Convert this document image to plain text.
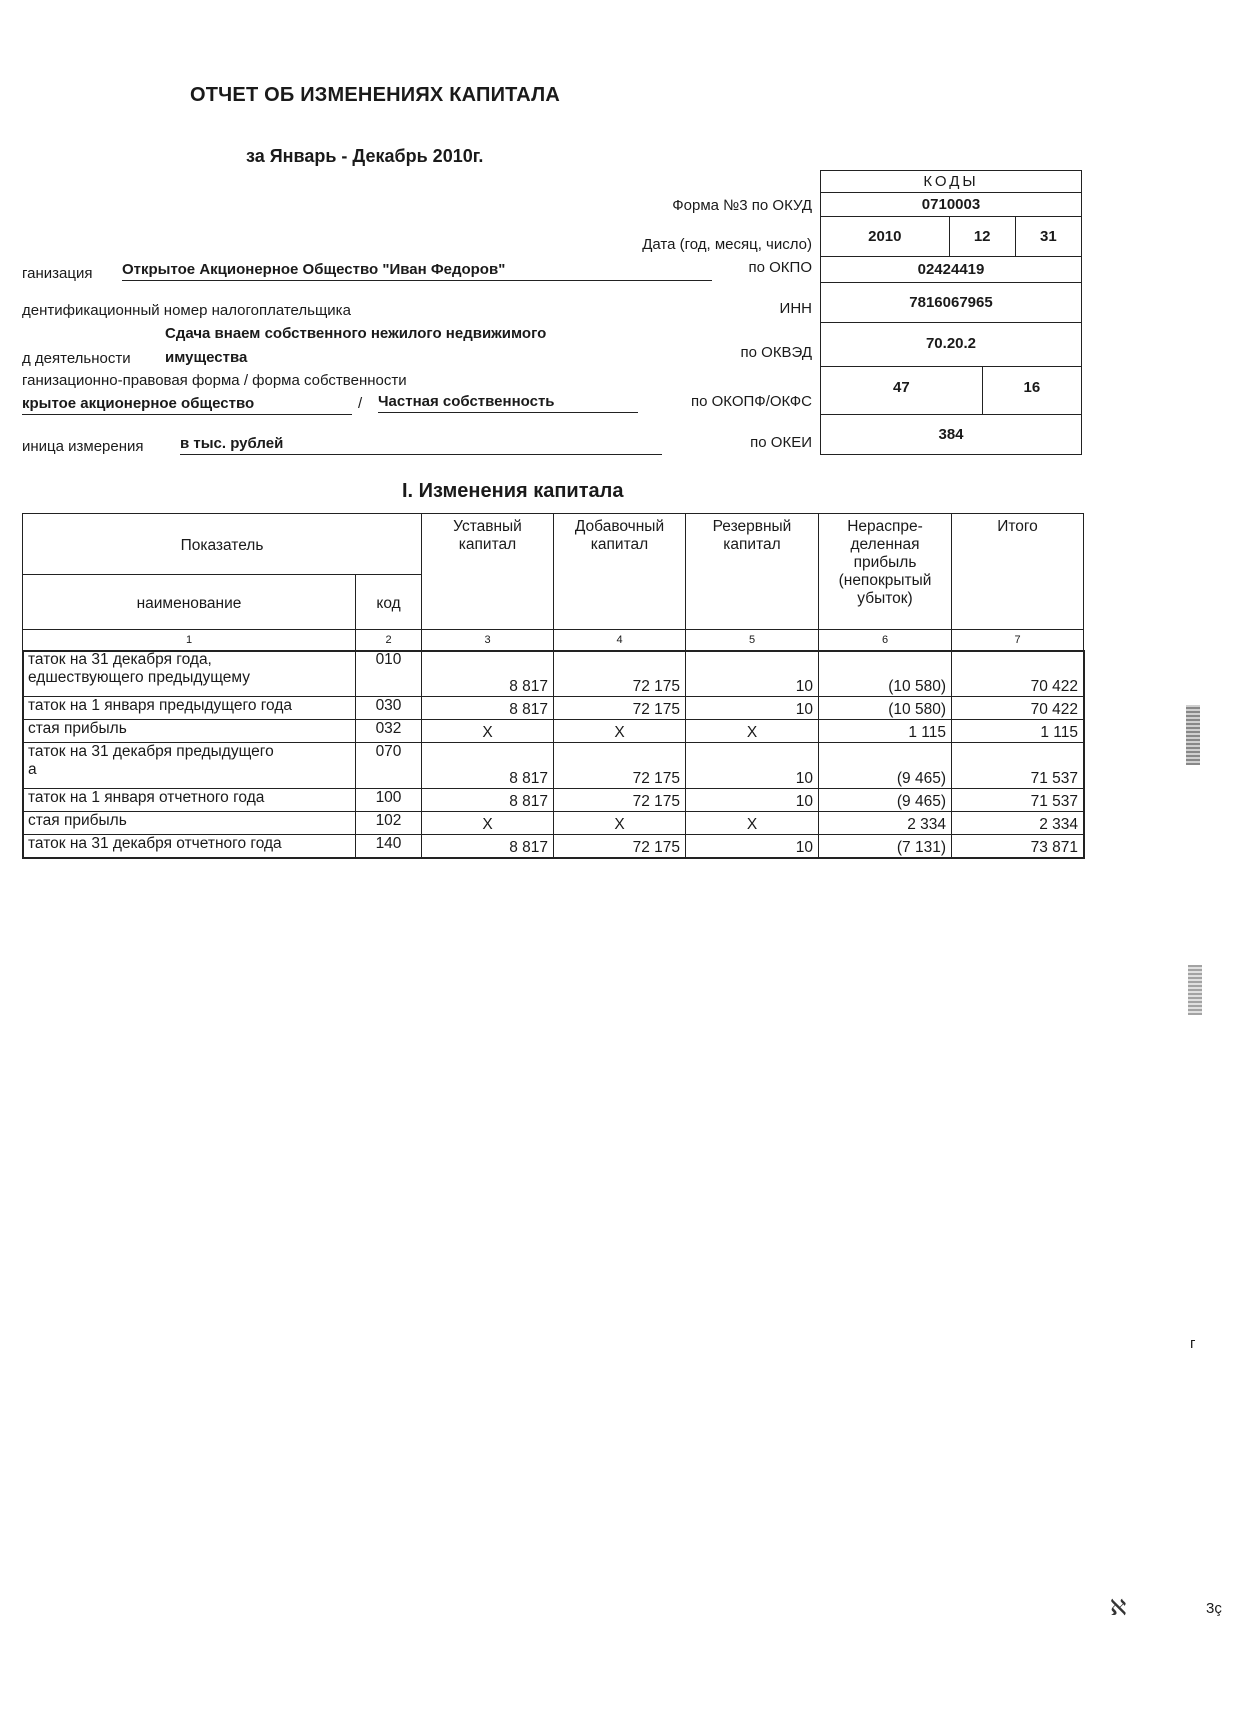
ОТЧЕТ ОБ ИЗМЕНЕНИЯХ КАПИТАЛА
за Январь - Декабрь 2010г.
Форма №3 по ОКУД
Дата (год, месяц, число)
ганизация Открытое Акционерное Общество "Иван Федоров"	по ОКПО
дентификационный номер налогоплательщика	ИНН
Сдача внаем собственного нежилого недвижимого
д деятельности имущества	по ОКВЭД
ганизационно-правовая форма / форма собственности
крытое акционерное общество	/ Частная собственность	по ОКОПФ/ОКФС
иница измерения в тыс. рублей	по ОКЕИ
КОДЫ			
0710003			
2010	12		31
02424419			
7816067965			
70.20.2			
47		16	
384			
I. Изменения капитала
Показатель		Уставный капитал	Добавочный капитал	Резервный капитал	Нераспре- деленная прибыль (непокрытый убыток)	Итого
наименование	код					
1	2	3	4	5	6	7

таток на 31 декабря года,
едшествующего предыдущему	010	8 817	72 175	10	(10 580)	70 422

таток на 1 января предыдущего года	030	8 817	72 175	10	(10 580)	70 422

стая прибыль	032	X	X	X	1 115	1 115

таток на 31 декабря предыдущего
а	070	8 817	72 175	10	(9 465)	71 537

таток на 1 января отчетного года	100	8 817	72 175	10	(9 465)	71 537

стая прибыль	102	X	X	X	2 334	2 334

таток на 31 декабря отчетного года	140	8 817	72 175	10	(7 131)	73 871
ℵ	3ç
г
